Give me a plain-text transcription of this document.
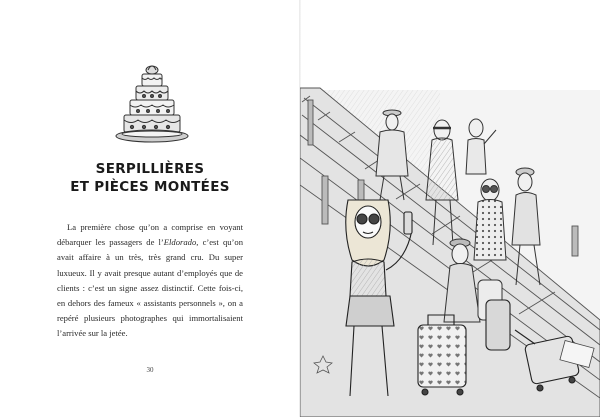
SERPILLIÈRES
ET PIÈCES MONTÉES
La première chose qu’on a comprise en voyant débarquer les passagers de l’Eldorado, c’est qu’on avait affaire à un très, très grand cru. Du super luxueux. Il y avait presque autant d’employés que de clients : c’est un signe assez distinctif. Cette fois-ci, en dehors des fameux « assistants personnels », on a repéré plusieurs photographes qui immortalisaient l’arrivée sur la jetée.
30
